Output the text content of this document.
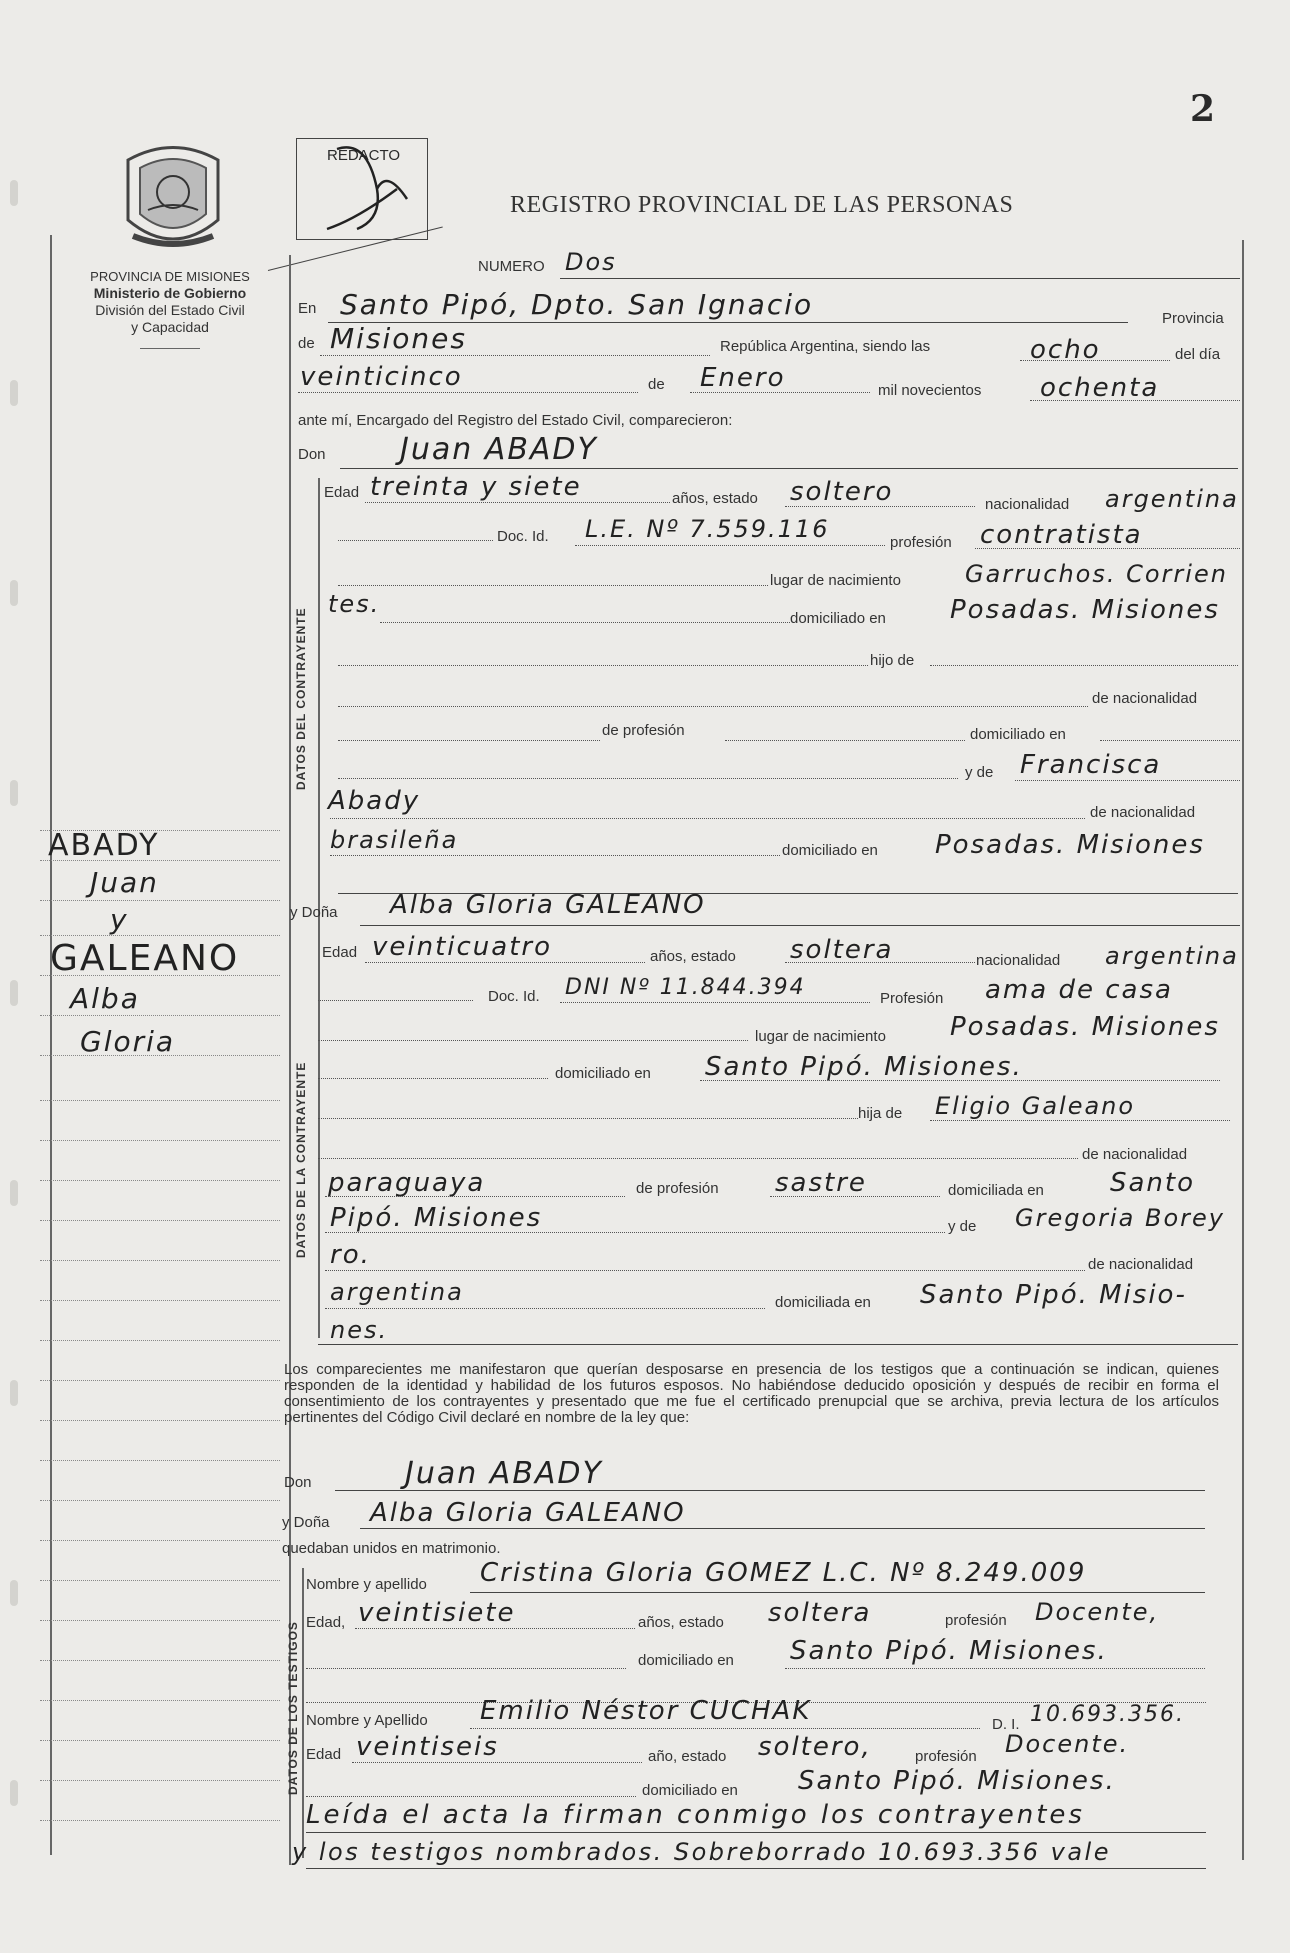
2
PROVINCIA DE MISIONES
Ministerio de Gobierno
División del Estado Civil
y Capacidad
REDACTO
REGISTRO PROVINCIAL DE LAS PERSONAS
ABADY
Juan
y
GALEANO
Alba
Gloria
NUMERO Dos
En Santo Pipó, Dpto. San Ignacio	Provincia
de Misiones	República Argentina, siendo las	ocho	del día
veinticinco	de Enero	mil novecientos ochenta
ante mí, Encargado del Registro del Estado Civil, comparecieron:
DATOS DEL CONTRAYENTE
Don Juan ABADY
Edad treinta y siete	años, estado soltero	nacionalidad argentina
Doc. Id. L.E. Nº 7.559.116	profesión contratista
lugar de nacimiento	Garruchos. Corrien
tes.
domiciliado en Posadas. Misiones
hijo de
de nacionalidad
de profesión	domiciliado en
y de Francisca
Abady	de nacionalidad
brasileña	domiciliado en Posadas. Misiones
DATOS DE LA CONTRAYENTE
y Doña Alba Gloria GALEANO
Edad veinticuatro	años, estado soltera	nacionalidad argentina
Doc. Id. DNI Nº 11.844.394	Profesión ama de casa
lugar de nacimiento Posadas. Misiones
domiciliado en Santo Pipó. Misiones.
hija de Eligio Galeano
de nacionalidad
paraguaya	de profesión sastre	domiciliada en	Santo
Pipó. Misiones	y de Gregoria Borey
ro.	de nacionalidad
argentina	domiciliada en Santo Pipó. Misio-
nes.
Los comparecientes me manifestaron que querían desposarse en presencia de los testigos que a continuación se indican, quienes responden de la identidad y habilidad de los futuros esposos. No habiéndose deducido oposición y después de recibir en forma el consentimiento de los contrayentes y presentado que me fue el certificado prenupcial que se archiva, previa lectura de los artículos pertinentes del Código Civil declaré en nombre de la ley que:
Don	Juan ABADY
y Doña Alba Gloria GALEANO
quedaban unidos en matrimonio.
DATOS DE LOS TESTIGOS
Nombre y apellido Cristina Gloria GOMEZ L.C. Nº 8.249.009
Edad, veintisiete	años, estado soltera	profesión Docente,
domiciliado en Santo Pipó. Misiones.
Nombre y Apellido Emilio Néstor CUCHAK	D. I. 10.693.356.
Edad veintiseis	año, estado soltero,	profesión Docente.
domiciliado en Santo Pipó. Misiones.
Leída el acta la firman conmigo los contrayentes
y los testigos nombrados. Sobreborrado 10.693.356 vale
